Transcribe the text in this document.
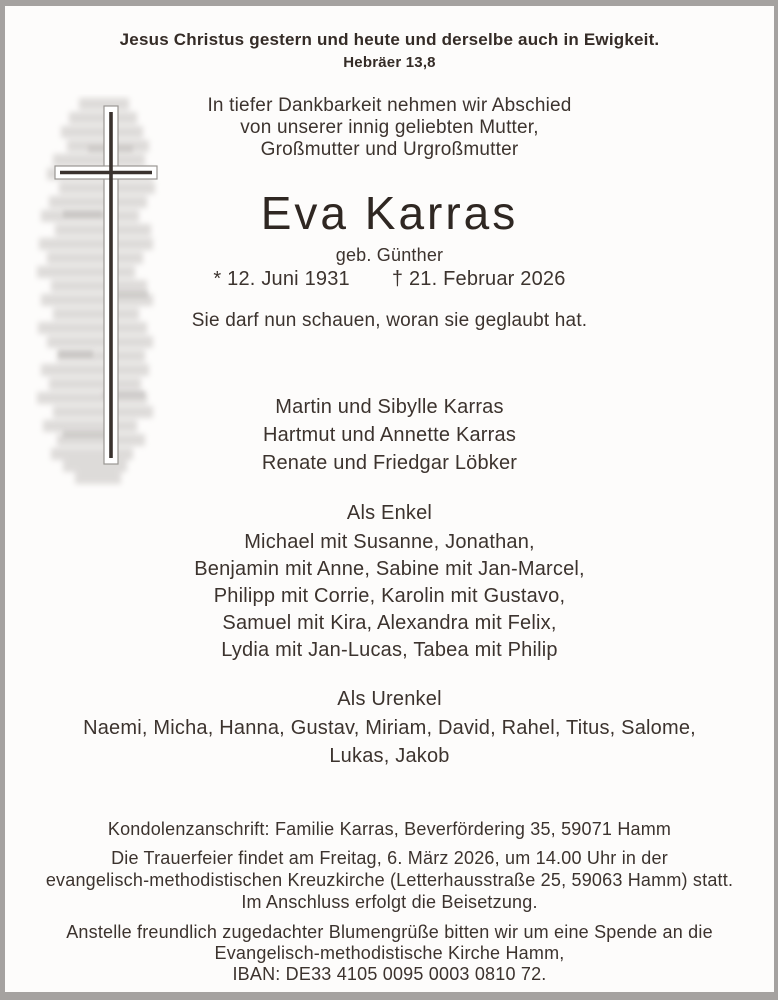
Jesus Christus gestern und heute und derselbe auch in Ewigkeit.
Hebräer 13,8
In tiefer Dankbarkeit nehmen wir Abschied
von unserer innig geliebten Mutter,
Großmutter und Urgroßmutter
Eva Karras
geb. Günther
* 12. Juni 1931 † 21. Februar 2026
Sie darf nun schauen, woran sie geglaubt hat.
Martin und Sibylle Karras
Hartmut und Annette Karras
Renate und Friedgar Löbker
Als Enkel
Michael mit Susanne, Jonathan,
Benjamin mit Anne, Sabine mit Jan-Marcel,
Philipp mit Corrie, Karolin mit Gustavo,
Samuel mit Kira, Alexandra mit Felix,
Lydia mit Jan-Lucas, Tabea mit Philip
Als Urenkel
Naemi, Micha, Hanna, Gustav, Miriam, David, Rahel, Titus, Salome,
Lukas, Jakob
Kondolenzanschrift: Familie Karras, Beverfördering 35, 59071 Hamm
Die Trauerfeier findet am Freitag, 6. März 2026, um 14.00 Uhr in der
evangelisch-methodistischen Kreuzkirche (Letterhausstraße 25, 59063 Hamm) statt.
Im Anschluss erfolgt die Beisetzung.
Anstelle freundlich zugedachter Blumengrüße bitten wir um eine Spende an die
Evangelisch-methodistische Kirche Hamm,
IBAN: DE33 4105 0095 0003 0810 72.
